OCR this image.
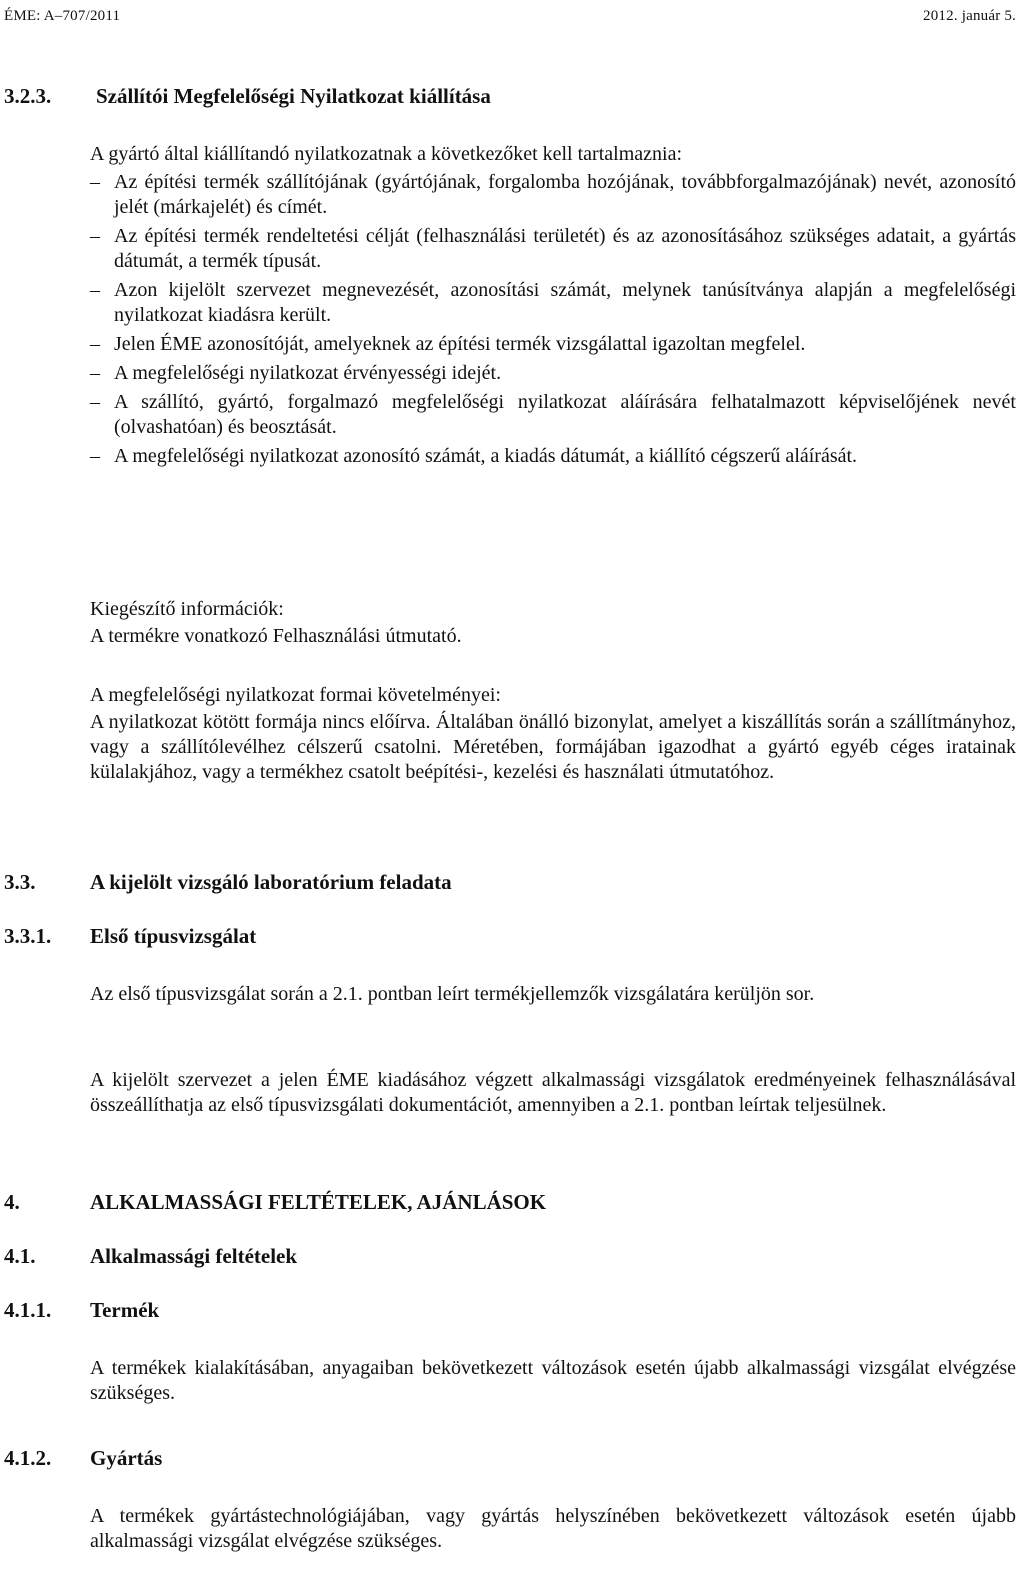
ÉME: A–707/2011	2012. január 5.
3.2.3. Szállítói Megfelelőségi Nyilatkozat kiállítása
A gyártó által kiállítandó nyilatkozatnak a következőket kell tartalmaznia:
– Az építési termék szállítójának (gyártójának, forgalomba hozójának, továbbforgalmazójának) nevét, azonosító jelét (márkajelét) és címét.
– Az építési termék rendeltetési célját (felhasználási területét) és az azonosításához szükséges adatait, a gyártás dátumát, a termék típusát.
– Azon kijelölt szervezet megnevezését, azonosítási számát, melynek tanúsítványa alapján a megfelelőségi nyilatkozat kiadásra került.
– Jelen ÉME azonosítóját, amelyeknek az építési termék vizsgálattal igazoltan megfelel.
– A megfelelőségi nyilatkozat érvényességi idejét.
– A szállító, gyártó, forgalmazó megfelelőségi nyilatkozat aláírására felhatalmazott képviselőjének nevét (olvashatóan) és beosztását.
– A megfelelőségi nyilatkozat azonosító számát, a kiadás dátumát, a kiállító cégszerű aláírását.
Kiegészítő információk:
A termékre vonatkozó Felhasználási útmutató.
A megfelelőségi nyilatkozat formai követelményei:
A nyilatkozat kötött formája nincs előírva. Általában önálló bizonylat, amelyet a kiszállítás során a szállítmányhoz, vagy a szállítólevélhez célszerű csatolni. Méretében, formájában igazodhat a gyártó egyéb céges iratainak külalakjához, vagy a termékhez csatolt beépítési-, kezelési és használati útmutatóhoz.
3.3.	A kijelölt vizsgáló laboratórium feladata
3.3.1. Első típusvizsgálat
Az első típusvizsgálat során a 2.1. pontban leírt termékjellemzők vizsgálatára kerüljön sor.
A kijelölt szervezet a jelen ÉME kiadásához végzett alkalmassági vizsgálatok eredményeinek felhasználásával összeállíthatja az első típusvizsgálati dokumentációt, amennyiben a 2.1. pontban leírtak teljesülnek.
4.	ALKALMASSÁGI FELTÉTELEK, AJÁNLÁSOK
4.1.	Alkalmassági feltételek
4.1.1. Termék
A termékek kialakításában, anyagaiban bekövetkezett változások esetén újabb alkalmassági vizsgálat elvégzése szükséges.
4.1.2. Gyártás
A termékek gyártástechnológiájában, vagy gyártás helyszínében bekövetkezett változások esetén újabb alkalmassági vizsgálat elvégzése szükséges.
